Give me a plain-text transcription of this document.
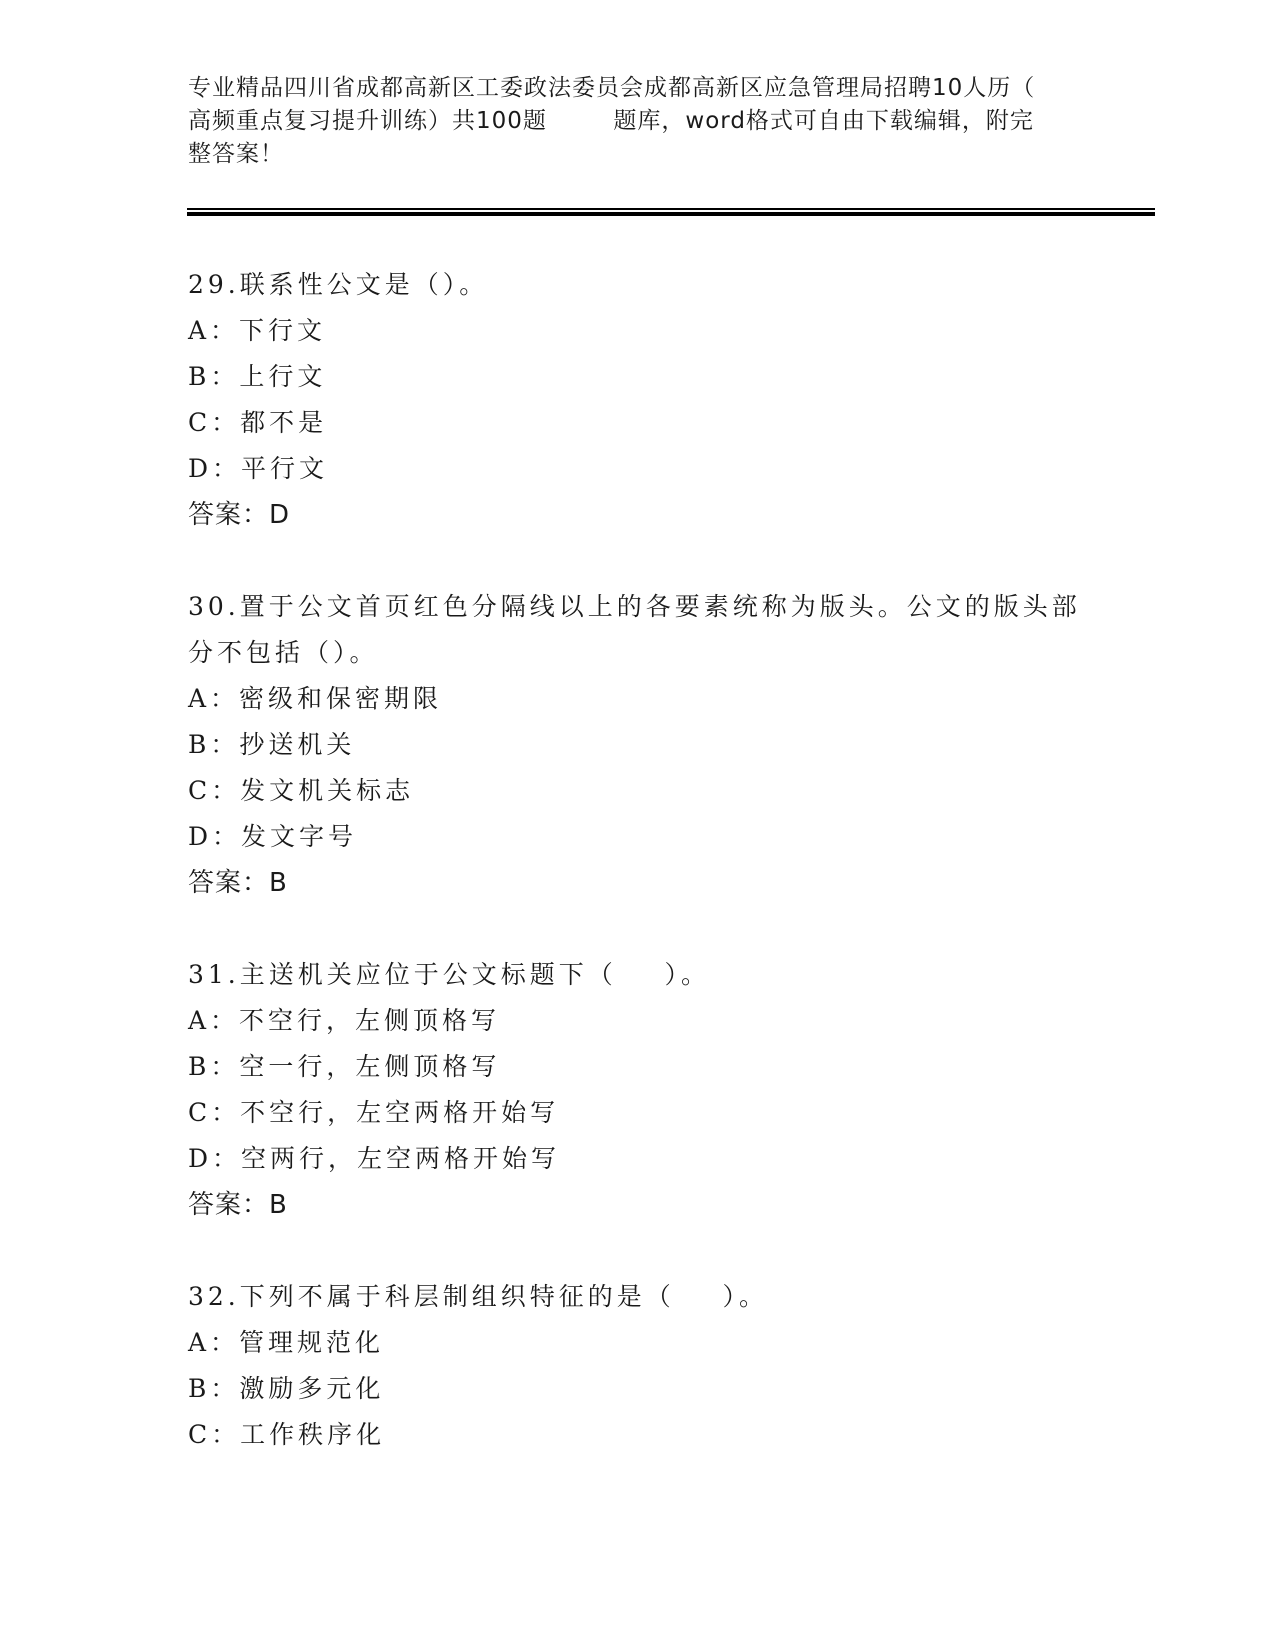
专业精品四川省成都高新区工委政法委员会成都高新区应急管理局招聘10人历（
高频重点复习提升训练）共100题        题库，word格式可自由下载编辑，附完
整答案！
29.联系性公文是（）。
A：下行文
B：上行文
C：都不是
D：平行文
答案：D
30.置于公文首页红色分隔线以上的各要素统称为版头。公文的版头部
分不包括（）。
A：密级和保密期限
B：抄送机关
C：发文机关标志
D：发文字号
答案：B
31.主送机关应位于公文标题下（    ）。
A：不空行，左侧顶格写
B：空一行，左侧顶格写
C：不空行，左空两格开始写
D：空两行，左空两格开始写
答案：B
32.下列不属于科层制组织特征的是（    ）。
A：管理规范化
B：激励多元化
C：工作秩序化
